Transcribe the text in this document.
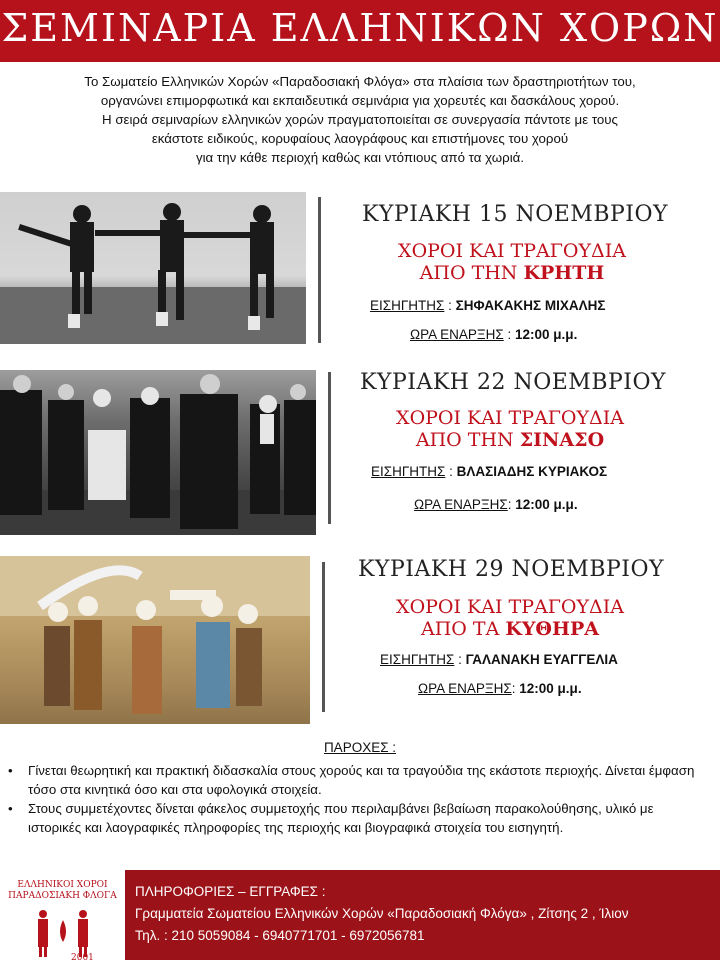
ΣΕΜΙΝΑΡΙΑ ΕΛΛΗΝΙΚΩΝ ΧΟΡΩΝ

Το Σωματείο Ελληνικών Χορών «Παραδοσιακή Φλόγα» στα πλαίσια των δραστηριοτήτων του,

οργανώνει επιμορφωτικά και εκπαιδευτικά σεμινάρια για χορευτές και δασκάλους χορού.

Η σειρά σεμιναρίων ελληνικών χορών πραγματοποιείται σε συνεργασία πάντοτε με τους

εκάστοτε ειδικούς, κορυφαίους λαογράφους και επιστήμονες του χορού

για την κάθε περιοχή καθώς και ντόπιους από τα χωριά.

ΚΥΡΙΑΚΗ 15 ΝΟΕΜΒΡΙΟΥ
ΧΟΡΟΙ ΚΑΙ ΤΡΑΓΟΥΔΙΑ
ΑΠΟ ΤΗΝ ΚΡΗΤΗ
ΕΙΣΗΓΗΤΗΣ : ΣΗΦΑΚΑΚΗΣ ΜΙΧΑΛΗΣ
ΩΡΑ ΕΝΑΡΞΗΣ : 12:00 μ.μ.
ΚΥΡΙΑΚΗ 22 ΝΟΕΜΒΡΙΟΥ
ΧΟΡΟΙ ΚΑΙ ΤΡΑΓΟΥΔΙΑ
ΑΠΟ ΤΗΝ ΣΙΝΑΣΟ
ΕΙΣΗΓΗΤΗΣ : ΒΛΑΣΙΑΔΗΣ ΚΥΡΙΑΚΟΣ
ΩΡΑ ΕΝΑΡΞΗΣ: 12:00 μ.μ.
ΚΥΡΙΑΚΗ 29 ΝΟΕΜΒΡΙΟΥ
ΧΟΡΟΙ ΚΑΙ ΤΡΑΓΟΥΔΙΑ
ΑΠΟ ΤΑ ΚΥΘΗΡΑ
ΕΙΣΗΓΗΤΗΣ : ΓΑΛΑΝΑΚΗ ΕΥΑΓΓΕΛΙΑ
ΩΡΑ ΕΝΑΡΞΗΣ: 12:00 μ.μ.
ΠΑΡΟΧΕΣ :
• Γίνεται θεωρητική και πρακτική διδασκαλία στους χορούς και τα τραγούδια της εκάστοτε περιοχής. Δίνεται έμφαση τόσο στα κινητικά όσο και στα υφολογικά στοιχεία.
• Στους συμμετέχοντες δίνεται φάκελος συμμετοχής που περιλαμβάνει βεβαίωση παρακολούθησης, υλικό με ιστορικές και λαογραφικές πληροφορίες της περιοχής και βιογραφικά στοιχεία του εισηγητή.
ΕΛΛΗΝΙΚΟΙ ΧΟΡΟΙ
ΠΑΡΑΔΟΣΙΑΚΗ ΦΛΟΓΑ
2001
ΠΛΗΡΟΦΟΡΙΕΣ – ΕΓΓΡΑΦΕΣ :
Γραμματεία Σωματείου Ελληνικών Χορών «Παραδοσιακή Φλόγα» , Ζίτσης 2 , Ίλιον
Τηλ. : 210 5059084 - 6940771701 - 6972056781
